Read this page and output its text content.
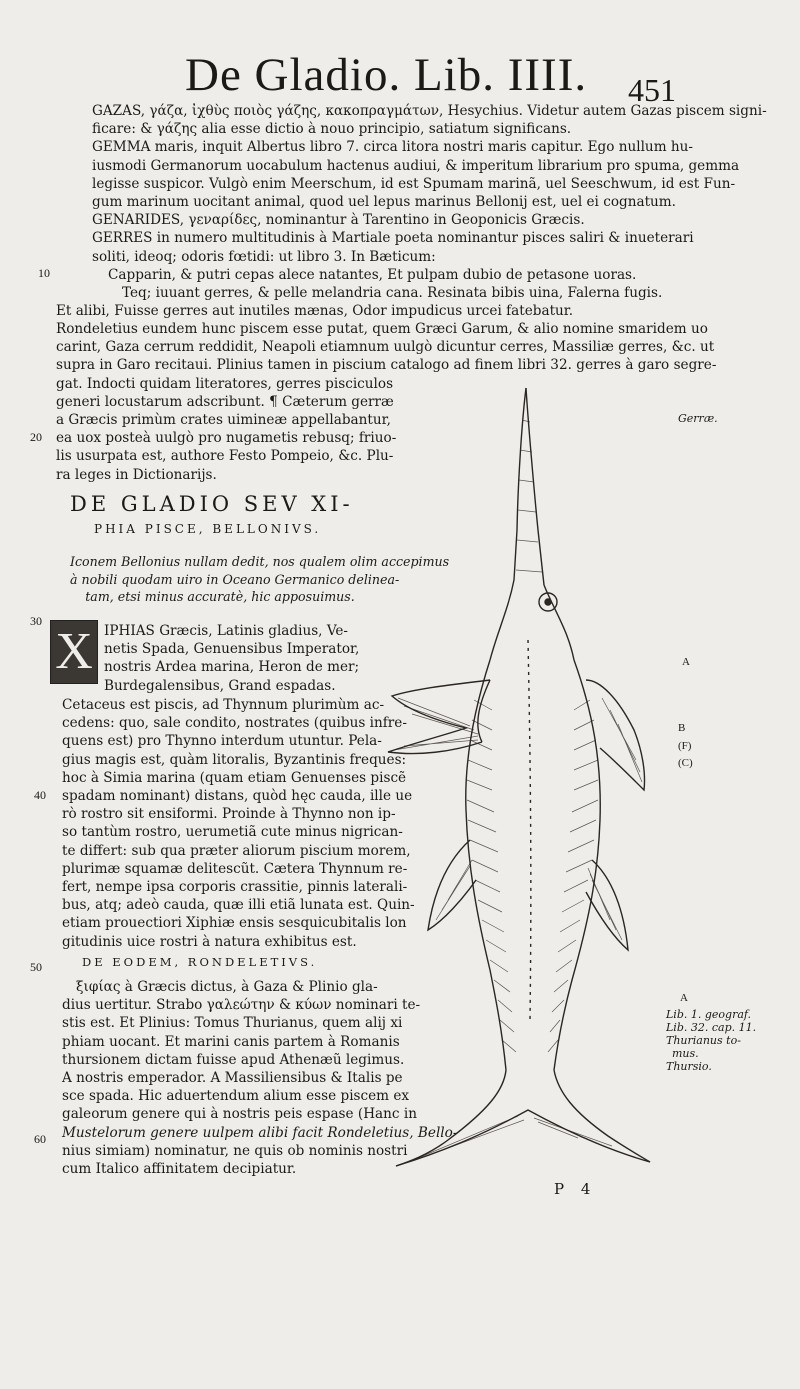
De Gladio. Lib. IIII. 451

GAZAS, γάζα, ἰχθὺς ποιὸς γάζης, κακοπραγμάτων, Hesychius. Videtur autem Gazas piscem signi-

ficare: & γάζης alia esse dictio à nouo principio, satiatum significans.

GEMMA maris, inquit Albertus libro 7. circa litora nostri maris capitur. Ego nullum hu-

iusmodi Germanorum uocabulum hactenus audiui, & imperitum librarium pro spuma, gemma

legisse suspicor. Vulgò enim Meerschum, id est Spumam marinã, uel Seeschwum, id est Fun-

gum marinum uocitant animal, quod uel lepus marinus Bellonij est, uel ei cognatum.

GENARIDES, γεναρίδες, nominantur à Tarentino in Geoponicis Græcis.

GERRES in numero multitudinis à Martiale poeta nominantur pisces saliri & inueterari

soliti, ideoq; odoris fœtidi: ut libro 3. In Bæticum:

Capparin, & putri cepas alece natantes, Et pulpam dubio de petasone uoras.

Teq; iuuant gerres, & pelle melandria cana. Resinata bibis uina, Falerna fugis.

Et alibi, Fuisse gerres aut inutiles mænas, Odor impudicus urcei fatebatur.

Rondeletius eundem hunc piscem esse putat, quem Græci Garum, & alio nomine smaridem uo

carint, Gaza cerrum reddidit, Neapoli etiamnum uulgò dicuntur cerres, Massiliæ gerres, &c. ut

supra in Garo recitaui. Plinius tamen in piscium catalogo ad finem libri 32. gerres à garo segre-

gat. Indocti quidam literatores, gerres pisciculos

generi locustarum adscribunt. ¶ Cæterum gerræ

a Græcis primùm crates uimineæ appellabantur,

ea uox posteà uulgò pro nugametis rebusq; friuo-

lis usurpata est, authore Festo Pompeio, &c. Plu-

ra leges in Dictionarijs.

DE GLADIO SEV XI-
PHIA PISCE, BELLONIVS.

Iconem Bellonius nullam dedit, nos qualem olim accepimus

à nobili quodam uiro in Oceano Germanico delinea-

tam, etsi minus accuratè, hic apposuimus.

X IPHIAS Græcis, Latinis gladius, Ve-

netis Spada, Genuensibus Imperator,

nostris Ardea marina, Heron de mer;

Burdegalensibus, Grand espadas.

Cetaceus est piscis, ad Thynnum plurimùm ac-

cedens: quo, sale condito, nostrates (quibus infre-

quens est) pro Thynno interdum utuntur. Pela-

gius magis est, quàm litoralis, Byzantinis freques:

hoc à Simia marina (quam etiam Genuenses piscẽ

spadam nominant) distans, quòd hęc cauda, ille ue

rò rostro sit ensiformi. Proinde à Thynno non ip-

so tantùm rostro, uerumetiã cute minus nigrican-

te differt: sub qua præter aliorum piscium morem,

plurimæ squamæ delitescũt. Cætera Thynnum re-

fert, nempe ipsa corporis crassitie, pinnis laterali-

bus, atq; adeò cauda, quæ illi etiã lunata est. Quin-

etiam prouectiori Xiphiæ ensis sesquicubitalis lon

gitudinis uice rostri à natura exhibitus est.

DE EODEM, RONDELETIVS.

ξιφίας à Græcis dictus, à Gaza & Plinio gla-

dius uertitur. Strabo γαλεώτην & κύων nominari te-

stis est. Et Plinius: Tomus Thurianus, quem alij xi

phiam uocant. Et marini canis partem à Romanis

thursionem dictam fuisse apud Athenæũ legimus.

A nostris emperador. A Massiliensibus & Italis pe

sce spada. Hic aduertendum alium esse piscem ex

galeorum genere qui à nostris peis espase (Hanc in

Mustelorum genere uulpem alibi facit Rondeletius, Bello-

nius simiam) nominatur, ne quis ob nominis nostri

cum Italico affinitatem decipiatur.

10
20
30
40
50
60
Gerræ.
A
B
(F)
(C)
A

Lib. 1. geograf.

Lib. 32. cap. 11.

Thurianus to-

mus.

Thursio.

P 4
